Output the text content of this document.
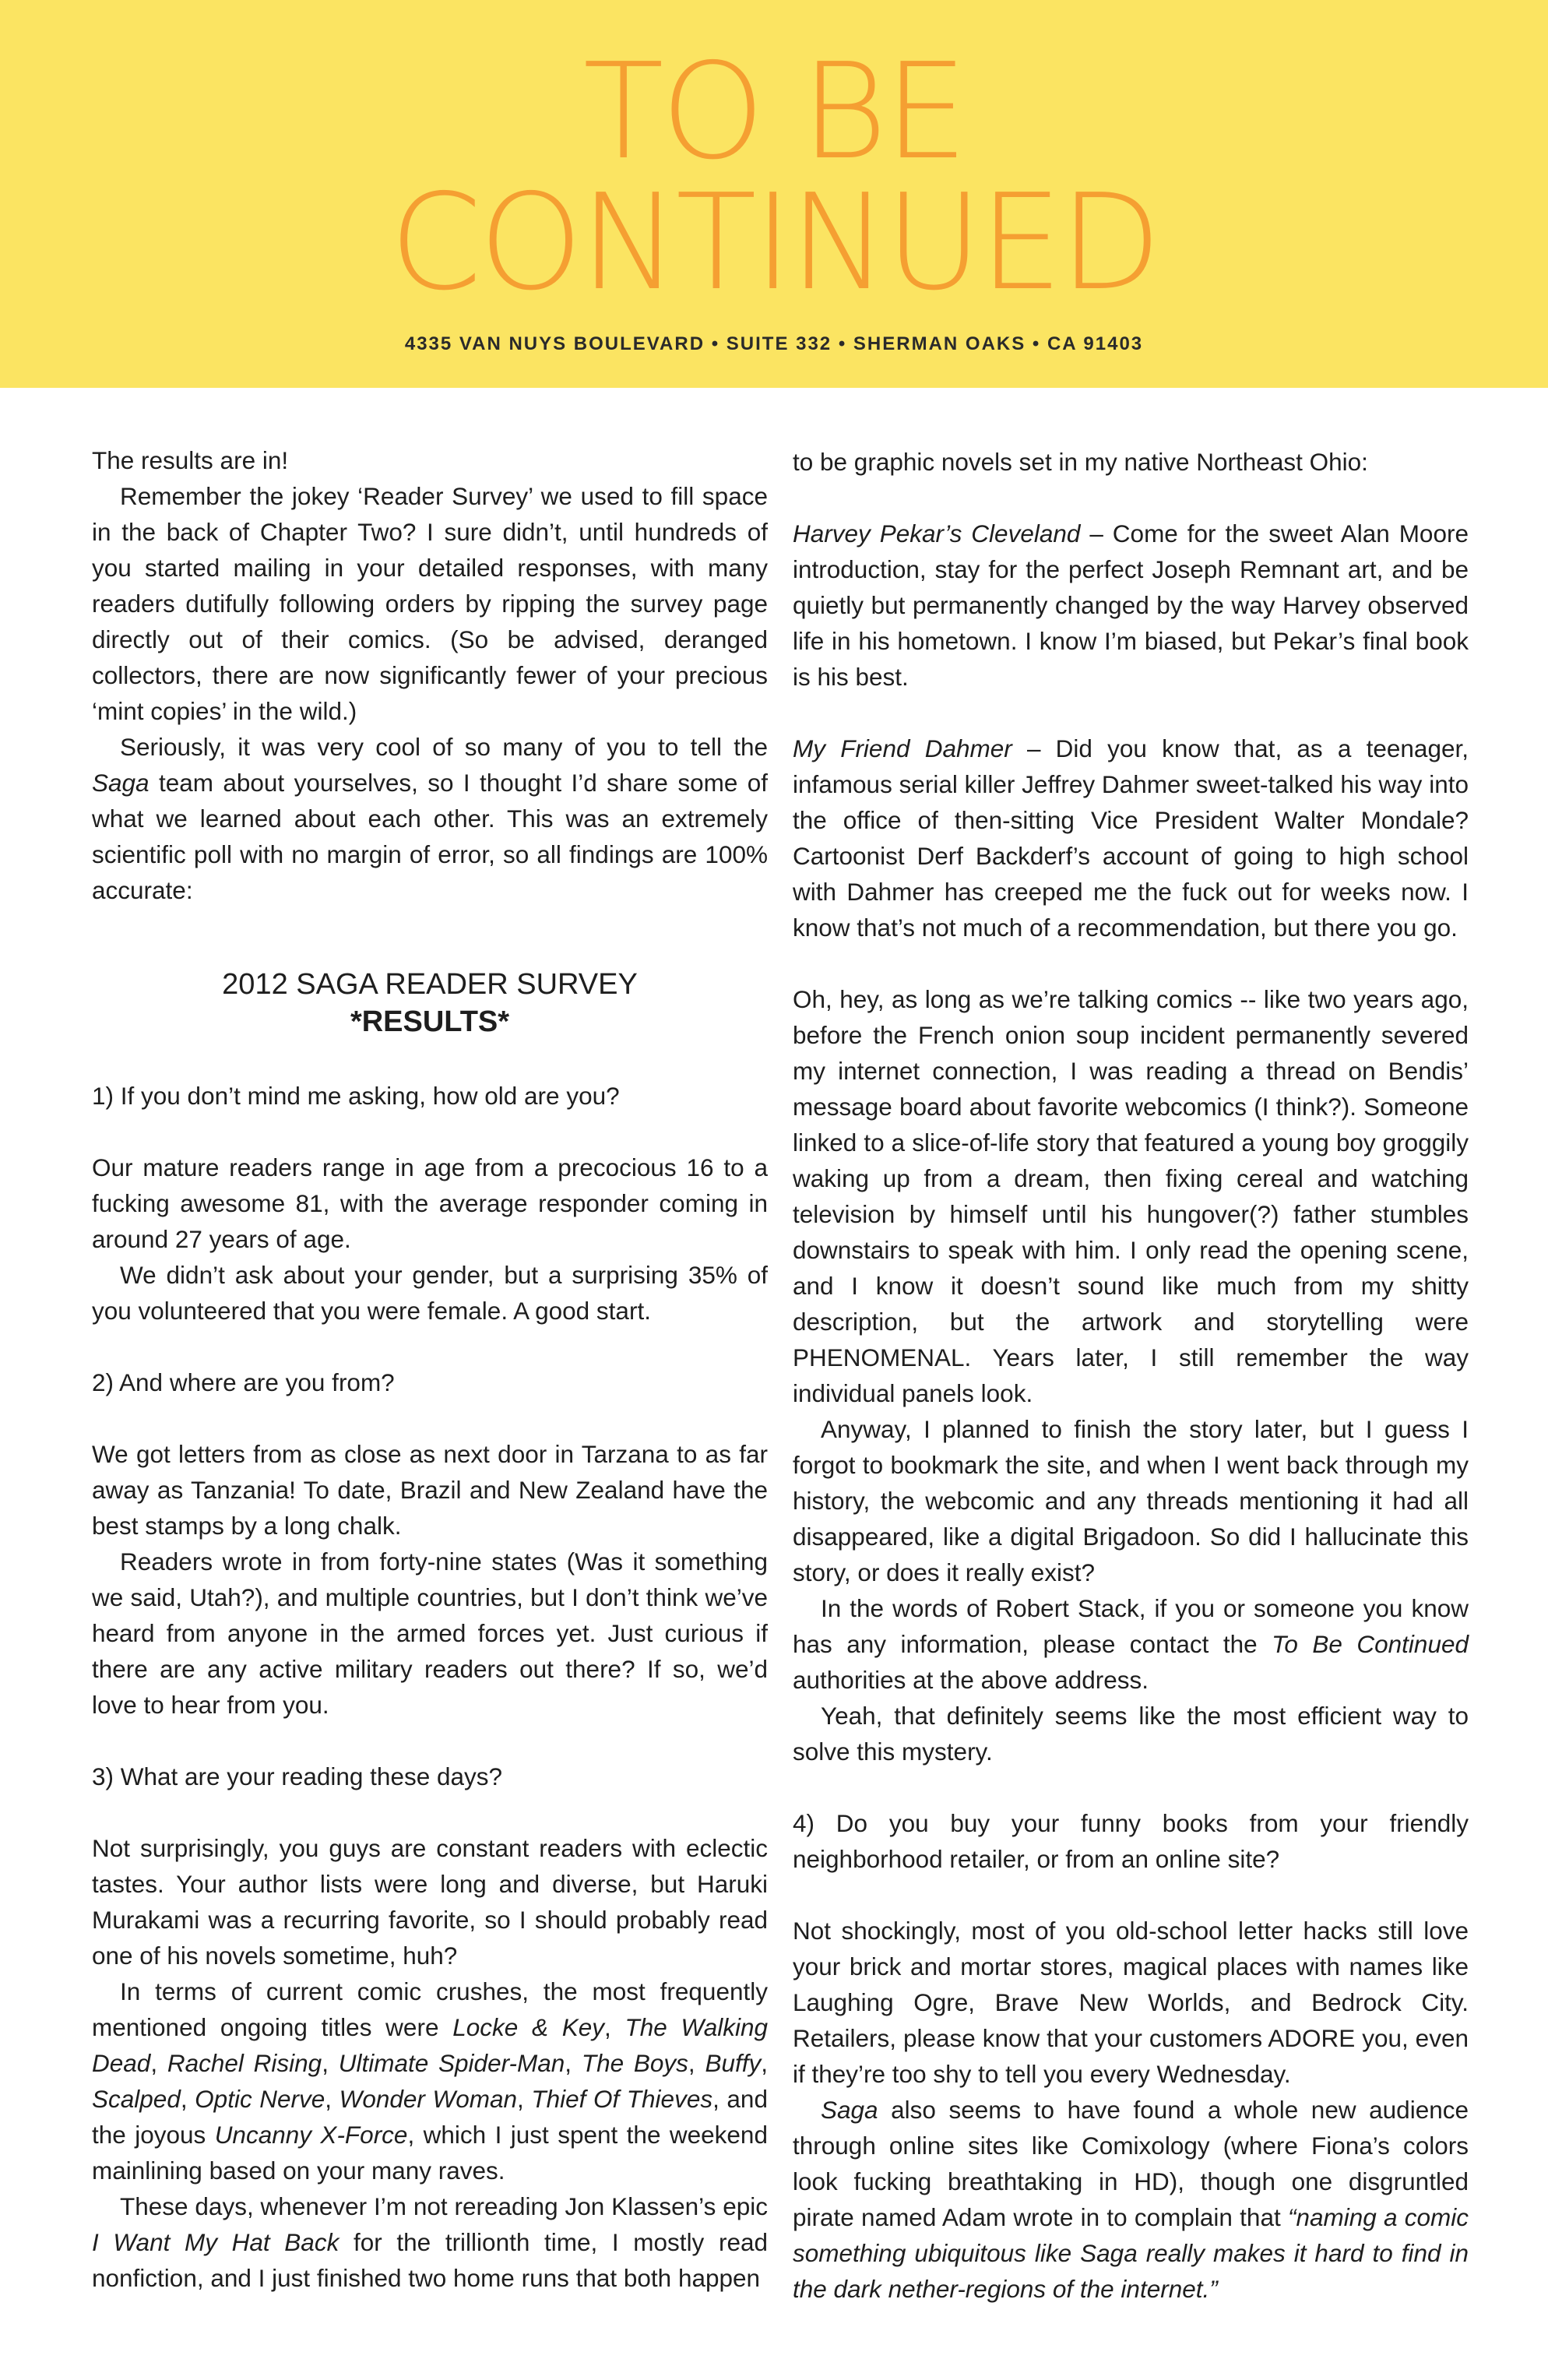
TO BE
CONTINUED
4335 VAN NUYS BOULEVARD • SUITE 332 • SHERMAN OAKS • CA 91403

The results are in!

Remember the jokey ‘Reader Survey’ we used to fill space in the back of Chapter Two? I sure didn’t, until hundreds of you started mailing in your detailed responses, with many readers dutifully following orders by ripping the survey page directly out of their comics. (So be advised, deranged collectors, there are now significantly fewer of your precious ‘mint copies’ in the wild.)

Seriously, it was very cool of so many of you to tell the Saga team about yourselves, so I thought I’d share some of what we learned about each other. This was an extremely scientific poll with no margin of error, so all findings are 100% accurate:

2012 SAGA READER SURVEY

*RESULTS*

1) If you don’t mind me asking, how old are you?

Our mature readers range in age from a precocious 16 to a fucking awesome 81, with the average responder coming in around 27 years of age.

We didn’t ask about your gender, but a surprising 35% of you volunteered that you were female. A good start.

2) And where are you from?

We got letters from as close as next door in Tarzana to as far away as Tanzania! To date, Brazil and New Zealand have the best stamps by a long chalk.

Readers wrote in from forty-nine states (Was it something we said, Utah?), and multiple countries, but I don’t think we’ve heard from anyone in the armed forces yet. Just curious if there are any active military readers out there? If so, we’d love to hear from you.

3) What are your reading these days?

Not surprisingly, you guys are constant readers with eclectic tastes. Your author lists were long and diverse, but Haruki Murakami was a recurring favorite, so I should probably read one of his novels sometime, huh?

In terms of current comic crushes, the most frequently mentioned ongoing titles were Locke & Key, The Walking Dead, Rachel Rising, Ultimate Spider-Man, The Boys, Buffy, Scalped, Optic Nerve, Wonder Woman, Thief Of Thieves, and the joyous Uncanny X-Force, which I just spent the weekend mainlining based on your many raves.

These days, whenever I’m not rereading Jon Klassen’s epic I Want My Hat Back for the trillionth time, I mostly read nonfiction, and I just finished two home runs that both happen

to be graphic novels set in my native Northeast Ohio:

Harvey Pekar’s Cleveland – Come for the sweet Alan Moore introduction, stay for the perfect Joseph Remnant art, and be quietly but permanently changed by the way Harvey observed life in his hometown. I know I’m biased, but Pekar’s final book is his best.

My Friend Dahmer – Did you know that, as a teenager, infamous serial killer Jeffrey Dahmer sweet-talked his way into the office of then-sitting Vice President Walter Mondale? Cartoonist Derf Backderf’s account of going to high school with Dahmer has creeped me the fuck out for weeks now. I know that’s not much of a recommendation, but there you go.

Oh, hey, as long as we’re talking comics -- like two years ago, before the French onion soup incident permanently severed my internet connection, I was reading a thread on Bendis’ message board about favorite webcomics (I think?). Someone linked to a slice-of-life story that featured a young boy groggily waking up from a dream, then fixing cereal and watching television by himself until his hungover(?) father stumbles downstairs to speak with him. I only read the opening scene, and I know it doesn’t sound like much from my shitty description, but the artwork and storytelling were PHENOMENAL. Years later, I still remember the way individual panels look.

Anyway, I planned to finish the story later, but I guess I forgot to bookmark the site, and when I went back through my history, the webcomic and any threads mentioning it had all disappeared, like a digital Brigadoon. So did I hallucinate this story, or does it really exist?

In the words of Robert Stack, if you or someone you know has any information, please contact the To Be Continued authorities at the above address.

Yeah, that definitely seems like the most efficient way to solve this mystery.

4) Do you buy your funny books from your friendly neighborhood retailer, or from an online site?

Not shockingly, most of you old-school letter hacks still love your brick and mortar stores, magical places with names like Laughing Ogre, Brave New Worlds, and Bedrock City. Retailers, please know that your customers ADORE you, even if they’re too shy to tell you every Wednesday.

Saga also seems to have found a whole new audience through online sites like Comixology (where Fiona’s colors look fucking breathtaking in HD), though one disgruntled pirate named Adam wrote in to complain that “naming a comic something ubiquitous like Saga really makes it hard to find in the dark nether-regions of the internet.”
